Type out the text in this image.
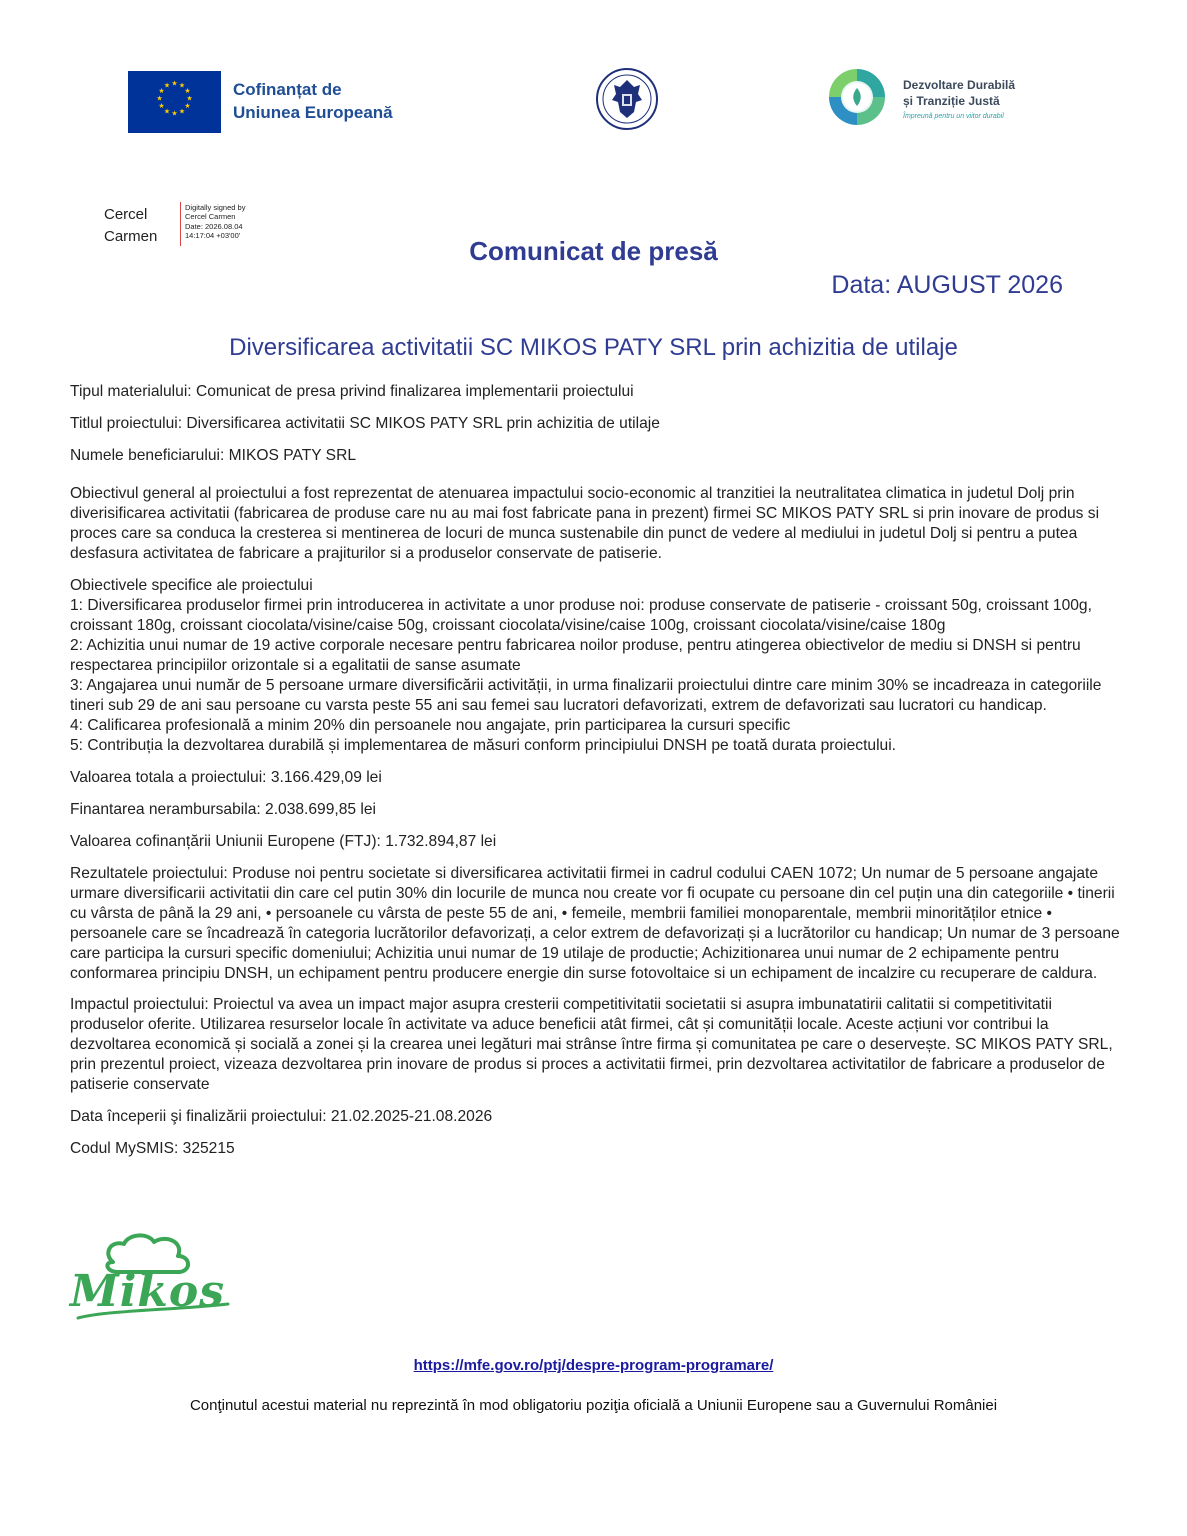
★ ★
★
★
★
★
★
★
★
★
★
★	Cofinanțat de
Uniunea Europeană
Dezvoltare Durabilă
și Tranziție Justă
Împreună pentru un viitor durabil
Cercel
Carmen
Digitally signed by
Cercel Carmen
Date: 2026.08.04
14:17:04 +03'00'
Comunicat de presă
Data: AUGUST 2026
Diversificarea activitatii SC MIKOS PATY SRL prin achizitia de utilaje

Tipul materialului: Comunicat de presa privind finalizarea implementarii proiectului

Titlul proiectului: Diversificarea activitatii SC MIKOS PATY SRL prin achizitia de utilaje

Numele beneficiarului: MIKOS PATY SRL

Obiectivul general al proiectului a fost reprezentat de atenuarea impactului socio-economic al tranzitiei la neutralitatea climatica in judetul Dolj prin diverisificarea activitatii (fabricarea de produse care nu au mai fost fabricate pana in prezent) firmei SC MIKOS PATY SRL si prin inovare de produs si proces care sa conduca la cresterea si mentinerea de locuri de munca sustenabile din punct de vedere al mediului in judetul Dolj si pentru a putea desfasura activitatea de fabricare a prajiturilor si a produselor conservate de patiserie.

Obiectivele specifice ale proiectului

1: Diversificarea produselor firmei prin introducerea in activitate a unor produse noi: produse conservate de patiserie - croissant 50g, croissant 100g, croissant 180g, croissant ciocolata/visine/caise 50g, croissant ciocolata/visine/caise 100g, croissant ciocolata/visine/caise 180g

2: Achizitia unui numar de 19 active corporale necesare pentru fabricarea noilor produse, pentru atingerea obiectivelor de mediu si DNSH si pentru respectarea principiilor orizontale si a egalitatii de sanse asumate

3: Angajarea unui număr de 5 persoane urmare diversificării activității, in urma finalizarii proiectului dintre care minim 30% se incadreaza in categoriile tineri sub 29 de ani sau persoane cu varsta peste 55 ani sau femei sau lucratori defavorizati, extrem de defavorizati sau lucratori cu handicap.

4: Calificarea profesională a minim 20% din persoanele nou angajate, prin participarea la cursuri specific

5: Contribuția la dezvoltarea durabilă și implementarea de măsuri conform principiului DNSH pe toată durata proiectului.

Valoarea totala a proiectului: 3.166.429,09 lei

Finantarea nerambursabila: 2.038.699,85 lei

Valoarea cofinanțării Uniunii Europene (FTJ): 1.732.894,87 lei

Rezultatele proiectului: Produse noi pentru societate si diversificarea activitatii firmei in cadrul codului CAEN 1072; Un numar de 5 persoane angajate urmare diversificarii activitatii din care cel putin 30% din locurile de munca nou create vor fi ocupate cu persoane din cel puțin una din categoriile • tinerii cu vârsta de până la 29 ani, • persoanele cu vârsta de peste 55 de ani, • femeile, membrii familiei monoparentale, membrii minorităților etnice • persoanele care se încadrează în categoria lucrătorilor defavorizați, a celor extrem de defavorizați și a lucrătorilor cu handicap; Un numar de 3 persoane care participa la cursuri specific domeniului; Achizitia unui numar de 19 utilaje de productie; Achizitionarea unui numar de 2 echipamente pentru conformarea principiu DNSH, un echipament pentru producere energie din surse fotovoltaice si un echipament de incalzire cu recuperare de caldura.

Impactul proiectului: Proiectul va avea un impact major asupra cresterii competitivitatii societatii si asupra imbunatatirii calitatii si competitivitatii produselor oferite. Utilizarea resurselor locale în activitate va aduce beneficii atât firmei, cât și comunității locale. Aceste acțiuni vor contribui la dezvoltarea economică și socială a zonei și la crearea unei legături mai strânse între firma și comunitatea pe care o deservește. SC MIKOS PATY SRL, prin prezentul proiect, vizeaza dezvoltarea prin inovare de produs si proces a activitatii firmei, prin dezvoltarea activitatilor de fabricare a produselor de patiserie conservate

Data începerii şi finalizării proiectului: 21.02.2025-21.08.2026

Codul MySMIS: 325215

Mikos
https://mfe.gov.ro/ptj/despre-program-programare/
Conţinutul acestui material nu reprezintă în mod obligatoriu poziţia oficială a Uniunii Europene sau a Guvernului României
